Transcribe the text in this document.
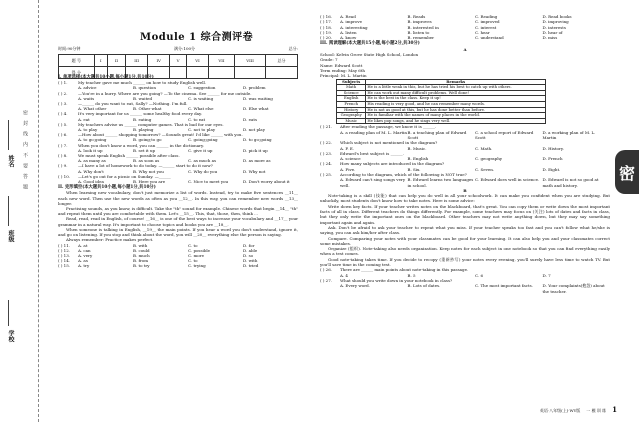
学校
班级
姓名 密 封 线 内 不 要 答 题
Module 1 综合测评卷
时间:90分钟	满分:100分	总分:
题 号	I	II	III	IV	V	VI	VII	VIII	总分
得 分									
I. 单项选择(本大题共10小题,每小题1分,共10分)
( ) 1.	My teacher gave me much ______ on how to study English well.
A. advice	B. question	C. suggestion	D. problem
( ) 2.	—You're in a hurry. Where are you going? —To the cinema. See ______ for me outside.
A. waits	B. waited	C. is waiting	D. was waiting
( ) 3.	—______ do you want to eat, Sally? —Nothing. I'm full.
A. What other	B. Other what	C. What else	D. Else what
( ) 4.	It's very important for us ______ some healthy food every day.
A. eat	B. eating	C. to eat	D. eats
( ) 5.	My teachers advise us ______ computer games. That is bad for our eyes.
A. to play	B. playing	C. not to play	D. not play
( ) 6.	—How about ______ shopping tomorrow? —Sounds great! I'd like ______ with you.
A. to go;going	B. going;to go	C. going;going	D. to go;going
( ) 7.	When you don't know a word, you can ______ in the dictionary.
A. look it up	B. set it up	C. give it up	D. pick it up
( ) 8.	We must speak English ______ possible after class.
A. as many as	B. as soon as	C. as much as	D. as more as
( ) 9.	—I have a lot of homework to do today. —______ start to do it now?
A. Why don't	B. Why not you	C. Why do you	D. Why not
( ) 10.	—Let's go out for a picnic on Sunday. —______
A. Good idea	B. Here you are	C. Nice to meet you	D. Don't worry about it
II. 完形填空(本大题共10小题,每小题1分,共10分)
When learning new vocabulary, don't just memorize a list of words. Instead, try to make five sentences __11__ each new word. Then use the new words as often as you __12__. In this way, you can remember new words __13__ longer.
Practising sounds, as you know, is difficult. Take the "th" sound for example. Chinese words that begin __14__ "th" and repeat them until you are comfortable with them. Let's __15__. This, that, those, then, think ...
Read, read, read in English, of course! __16__ is one of the best ways to increase your vocabulary and __17__ your grammar in a natural way. It's important to choose topics and books you are __18__.
When someone is talking in English, __19__ the main points. If you hear a word you don't understand, ignore it, and go on listening. If you stop and think about the word, you will __20__ everything else the person is saying.
Always remember: Practice makes perfect.
( ) 11.	A. at	B. with	C. to	D. for
( ) 12.	A. can	B. could	C. possible	D. able
( ) 13.	A. very	B. much	C. more	D. so
( ) 14.	A. as	B. from	C. to	D. with
( ) 15.	A. try	B. to try	C. trying	D. tried
( ) 16.	A. Read	B. Reads	C. Reading	D. Read books
( ) 17.	A. improve	B. improves	C. improved	D. improving
( ) 18.	A. interesting	B. interested in	C. interest	D. interests
( ) 19.	A. listen	B. listen to	C. hear	D. hear of
( ) 20.	A. know	B. remember	C. understand	D. miss
III. 阅读理解(本大题共15小题,每小题2分,共30分)
A
School: Kelvin Grove State High School, London
Grade: 7
Name: Edward Scott
Term ending: May 6th
Principal: M. L. Martin
Subjects	Remarks
Math	He is a little weak in this, but he has tried his best to catch up with others.
Science	He can work out many difficult problems. Well done!
English	He is the best in the class. Keep it up!
French	His reading is very good, and he can remember many words.
History	He is not as good at this, but he has done better than before.
Geography	He is familiar with the names of many places in the world.
Music	He likes pop songs, and he sings very well.
( ) 21.	After reading the passage, we know it is ______.
A. a reading plan of M. L. Martin B. a teaching plan of Edward Scott
C. a school report of Edward Scott
D. a working plan of M. L. Martin
( ) 22.	Which subject is not mentioned in the diagram?
A. P. E.	B. Music.	C. Math.	D. History.
( ) 23.	Edward's best subject is ______.
A. science	B. English	C. geography	D. French
( ) 24.	How many subjects are introduced in the diagram?
A. Five.	B. Six.	C. Seven.	D. Eight.
( ) 25.	According to the diagram, which of the following is NOT true?
A. Edward can't sing songs very well.
B. Edward learns two languages in school.
C. Edward does well in science. D. Edward is not so good at math and history.
B
Note-taking is a skill (技能) that can help you do well in all your schoolwork. It can make you confident when you are studying. But unluckily, most students don't know how to take notes. Here is some advice:
Write down key facts. If your teacher writes notes on the blackboard, that's great. You can copy them or write down the most important facts of all in class. Different teachers do things differently. For example, some teachers may focus on (关注) lots of dates and facts in class, but they only write the important ones on the blackboard. Other teachers may not write anything down, but they may say something important again and again.
Ask. Don't be afraid to ask your teacher to repeat what you miss. If your teacher speaks too fast and you can't follow what he/she is saying, you can ask him/her after class.
Compare. Comparing your notes with your classmates can be good for your learning. It can also help you and your classmates correct some mistakes.
Organize (组织). Note-taking also needs organization. Keep notes for each subject in one notebook so that you can find everything easily when a test comes.
Good note-taking takes time. If you decide to recopy (重新抄写) your notes every evening, you'll surely have less time to watch TV. But you'll save time in the coming test.
( ) 26.	There are ______ main points about note-taking in this passage.
A. 4	B. 5	C. 6	D. 7
( ) 27.	What should you write down in your notebook in class?
A. Every word.	B. Lots of dates.	C. The most important facts.	D. Your complaints(抱怨) about the teacher.
密
英语·八年级(上)·WY版 一 模 训 练 1
